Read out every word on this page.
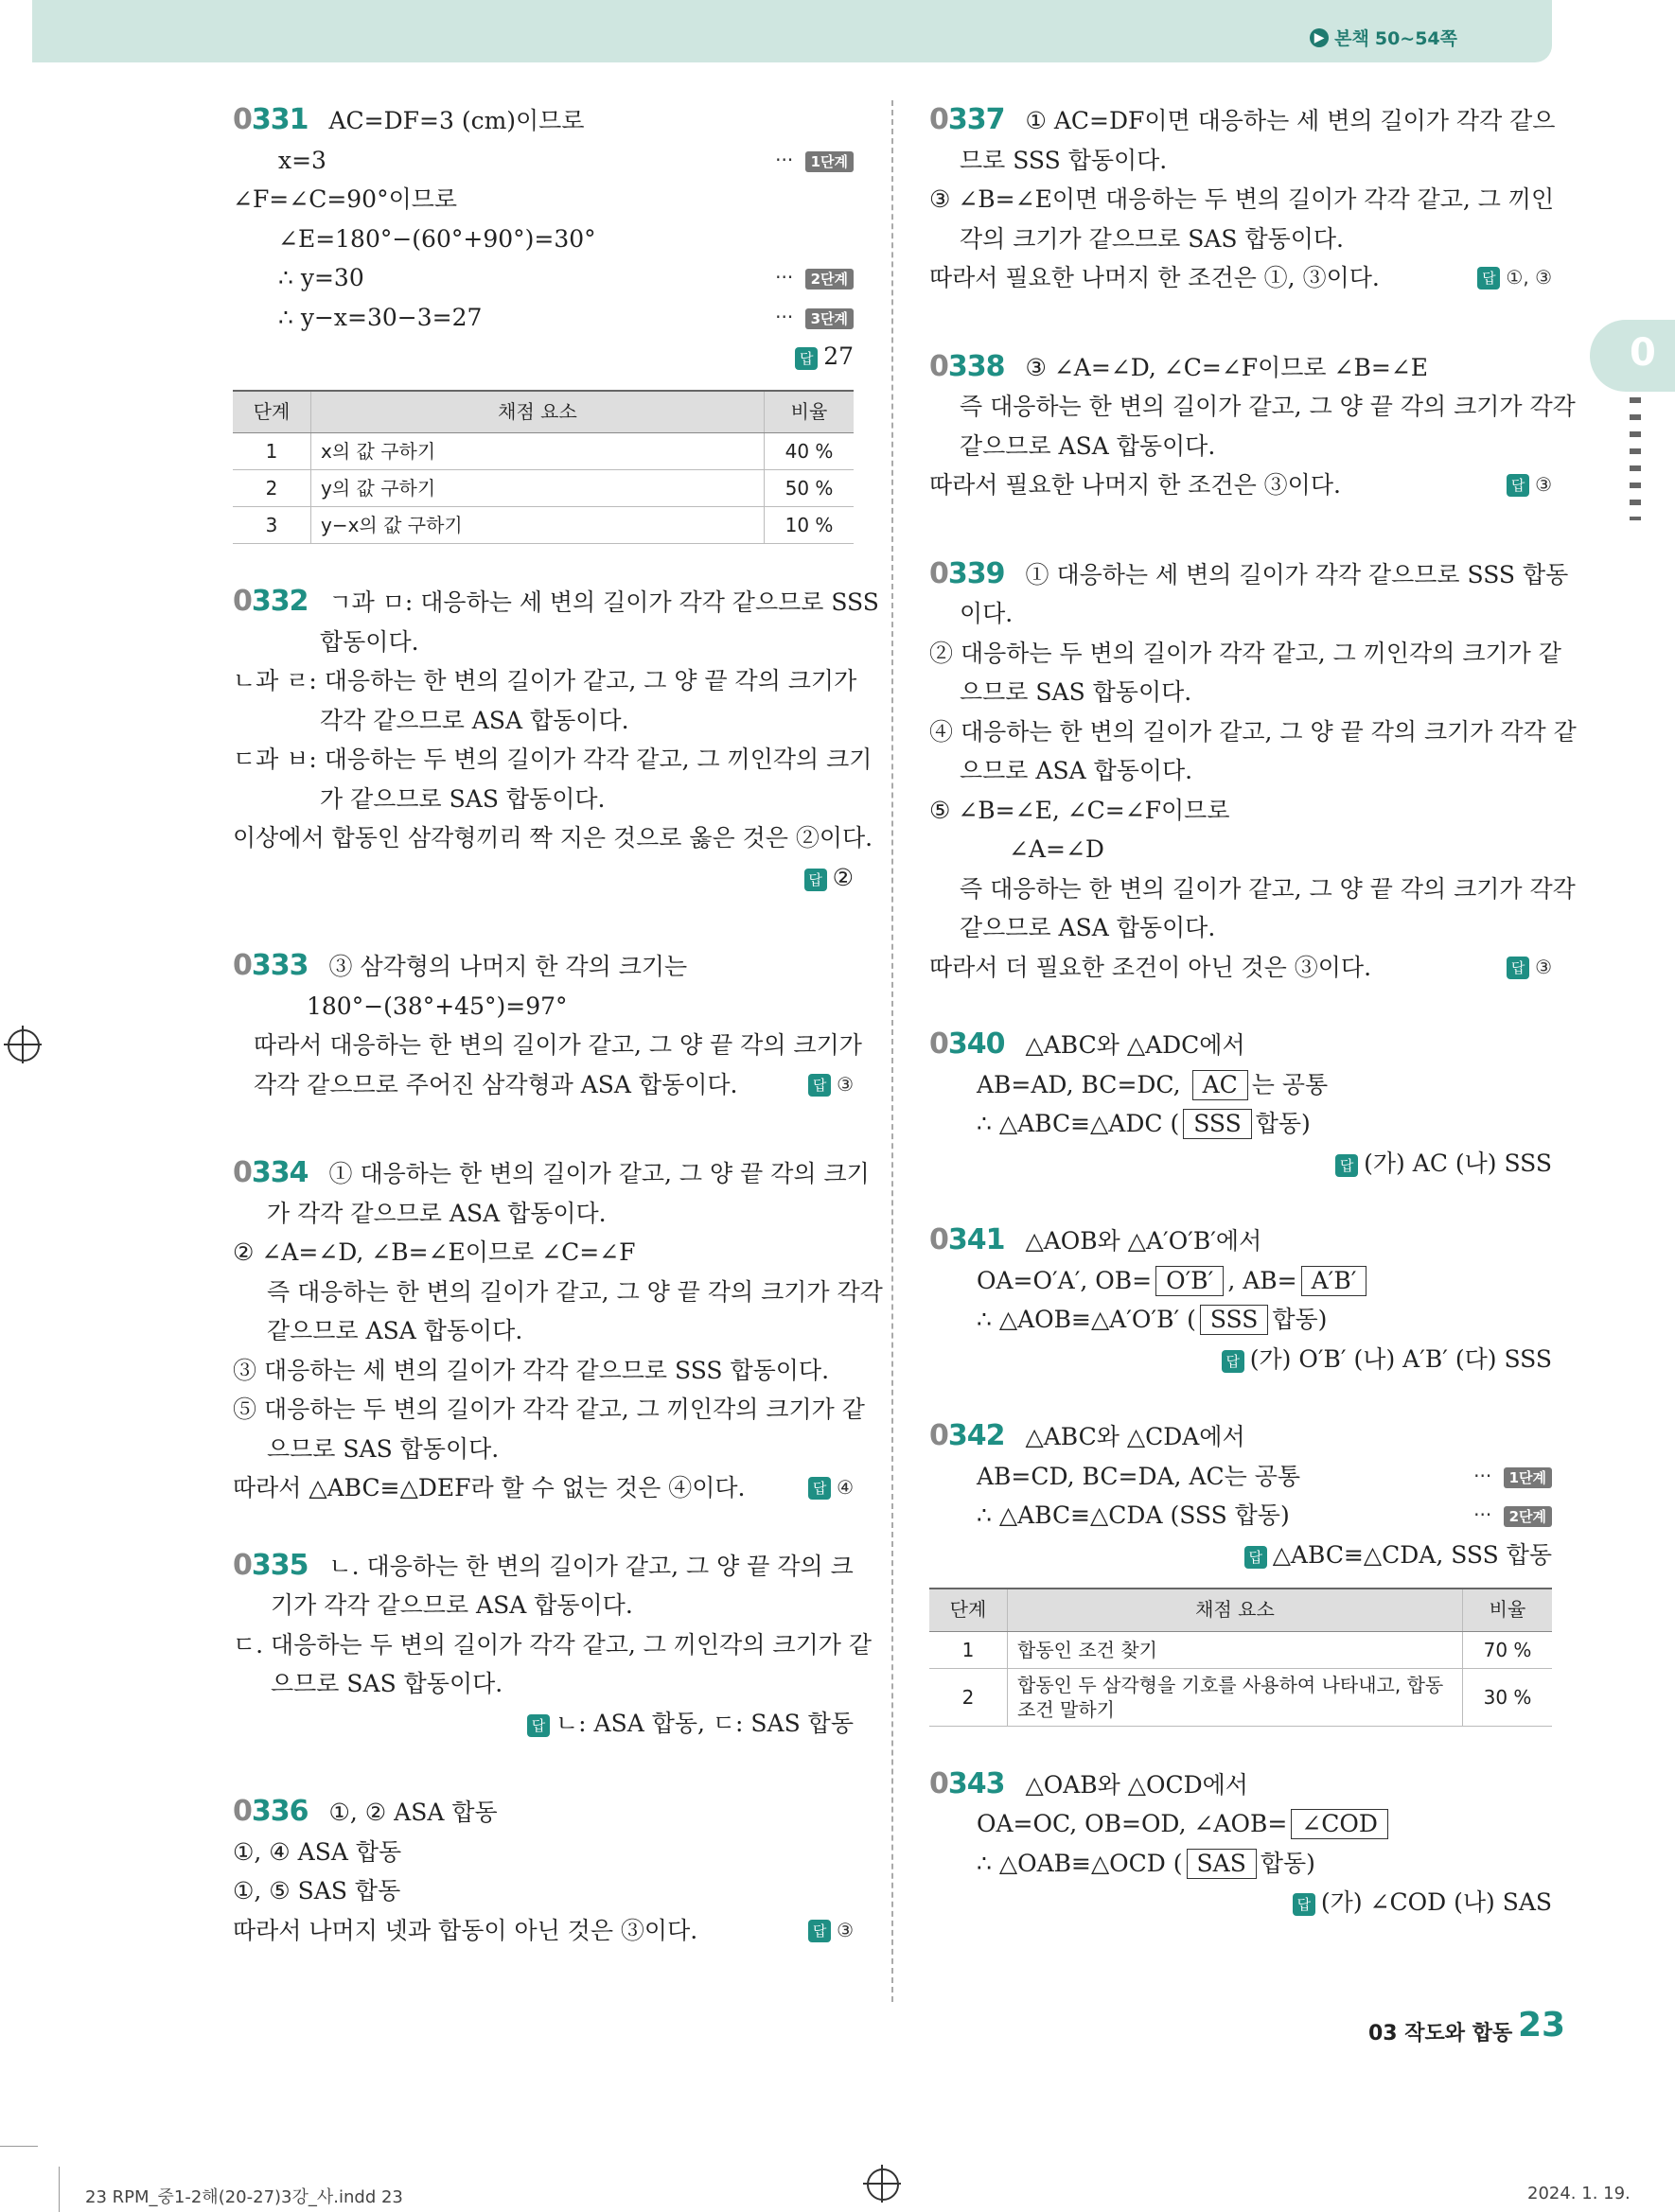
▶ 본책 50~54쪽
0
0331 AC=DF=3 (cm)이므로
x=3	··· 1단계
∠F=∠C=90°이므로
∠E=180°−(60°+90°)=30°
∴ y=30	··· 2단계
∴ y−x=30−3=27	··· 3단계
답 27
단계	채점 요소	비율
1	x의 값 구하기	40 %
2	y의 값 구하기	50 %
3	y−x의 값 구하기	10 %
0332 ㄱ과 ㅁ: 대응하는 세 변의 길이가 각각 같으므로 SSS
합동이다.
ㄴ과 ㄹ: 대응하는 한 변의 길이가 같고, 그 양 끝 각의 크기가
각각 같으므로 ASA 합동이다.
ㄷ과 ㅂ: 대응하는 두 변의 길이가 각각 같고, 그 끼인각의 크기
가 같으므로 SAS 합동이다.
이상에서 합동인 삼각형끼리 짝 지은 것으로 옳은 것은 ②이다.
답 ②
0333 ③ 삼각형의 나머지 한 각의 크기는
180°−(38°+45°)=97°
따라서 대응하는 한 변의 길이가 같고, 그 양 끝 각의 크기가
각각 같으므로 주어진 삼각형과 ASA 합동이다.	답 ③
0334 ① 대응하는 한 변의 길이가 같고, 그 양 끝 각의 크기
가 각각 같으므로 ASA 합동이다.
② ∠A=∠D, ∠B=∠E이므로 ∠C=∠F
즉 대응하는 한 변의 길이가 같고, 그 양 끝 각의 크기가 각각
같으므로 ASA 합동이다.
③ 대응하는 세 변의 길이가 각각 같으므로 SSS 합동이다.
⑤ 대응하는 두 변의 길이가 각각 같고, 그 끼인각의 크기가 같
으므로 SAS 합동이다.
따라서 △ABC≡△DEF라 할 수 없는 것은 ④이다.	답 ④
0335 ㄴ. 대응하는 한 변의 길이가 같고, 그 양 끝 각의 크
기가 각각 같으므로 ASA 합동이다.
ㄷ. 대응하는 두 변의 길이가 각각 같고, 그 끼인각의 크기가 같
으므로 SAS 합동이다.
답 ㄴ: ASA 합동, ㄷ: SAS 합동
0336 ①, ② ASA 합동
①, ④ ASA 합동
①, ⑤ SAS 합동
따라서 나머지 넷과 합동이 아닌 것은 ③이다.	답 ③
0337 ① AC=DF이면 대응하는 세 변의 길이가 각각 같으
므로 SSS 합동이다.
③ ∠B=∠E이면 대응하는 두 변의 길이가 각각 같고, 그 끼인
각의 크기가 같으므로 SAS 합동이다.
따라서 필요한 나머지 한 조건은 ①, ③이다.	답 ①, ③
0338 ③ ∠A=∠D, ∠C=∠F이므로 ∠B=∠E
즉 대응하는 한 변의 길이가 같고, 그 양 끝 각의 크기가 각각
같으므로 ASA 합동이다.
따라서 필요한 나머지 한 조건은 ③이다.	답 ③
0339 ① 대응하는 세 변의 길이가 각각 같으므로 SSS 합동
이다.
② 대응하는 두 변의 길이가 각각 같고, 그 끼인각의 크기가 같
으므로 SAS 합동이다.
④ 대응하는 한 변의 길이가 같고, 그 양 끝 각의 크기가 각각 같
으므로 ASA 합동이다.
⑤ ∠B=∠E, ∠C=∠F이므로
∠A=∠D
즉 대응하는 한 변의 길이가 같고, 그 양 끝 각의 크기가 각각
같으므로 ASA 합동이다.
따라서 더 필요한 조건이 아닌 것은 ③이다.	답 ③
0340 △ABC와 △ADC에서
AB=AD, BC=DC, AC 는 공통
∴ △ABC≡△ADC ( SSS 합동)
답 (가) AC (나) SSS
0341 △AOB와 △A′O′B′에서
OA=O′A′, OB= O′B′ , AB= A′B′
∴ △AOB≡△A′O′B′ ( SSS 합동)
답 (가) O′B′ (나) A′B′ (다) SSS
0342 △ABC와 △CDA에서
AB=CD, BC=DA, AC는 공통	··· 1단계
∴ △ABC≡△CDA (SSS 합동)	··· 2단계
답 △ABC≡△CDA, SSS 합동
단계	채점 요소	비율
1	합동인 조건 찾기	70 %
2	합동인 두 삼각형을 기호를 사용하여 나타내고, 합동 조건 말하기	30 %
0343 △OAB와 △OCD에서
OA=OC, OB=OD, ∠AOB= ∠COD
∴ △OAB≡△OCD ( SAS 합동)
답 (가) ∠COD (나) SAS
03 작도와 합동 23
23 RPM_중1-2해(20-27)3강_사.indd 23	2024. 1. 19.
